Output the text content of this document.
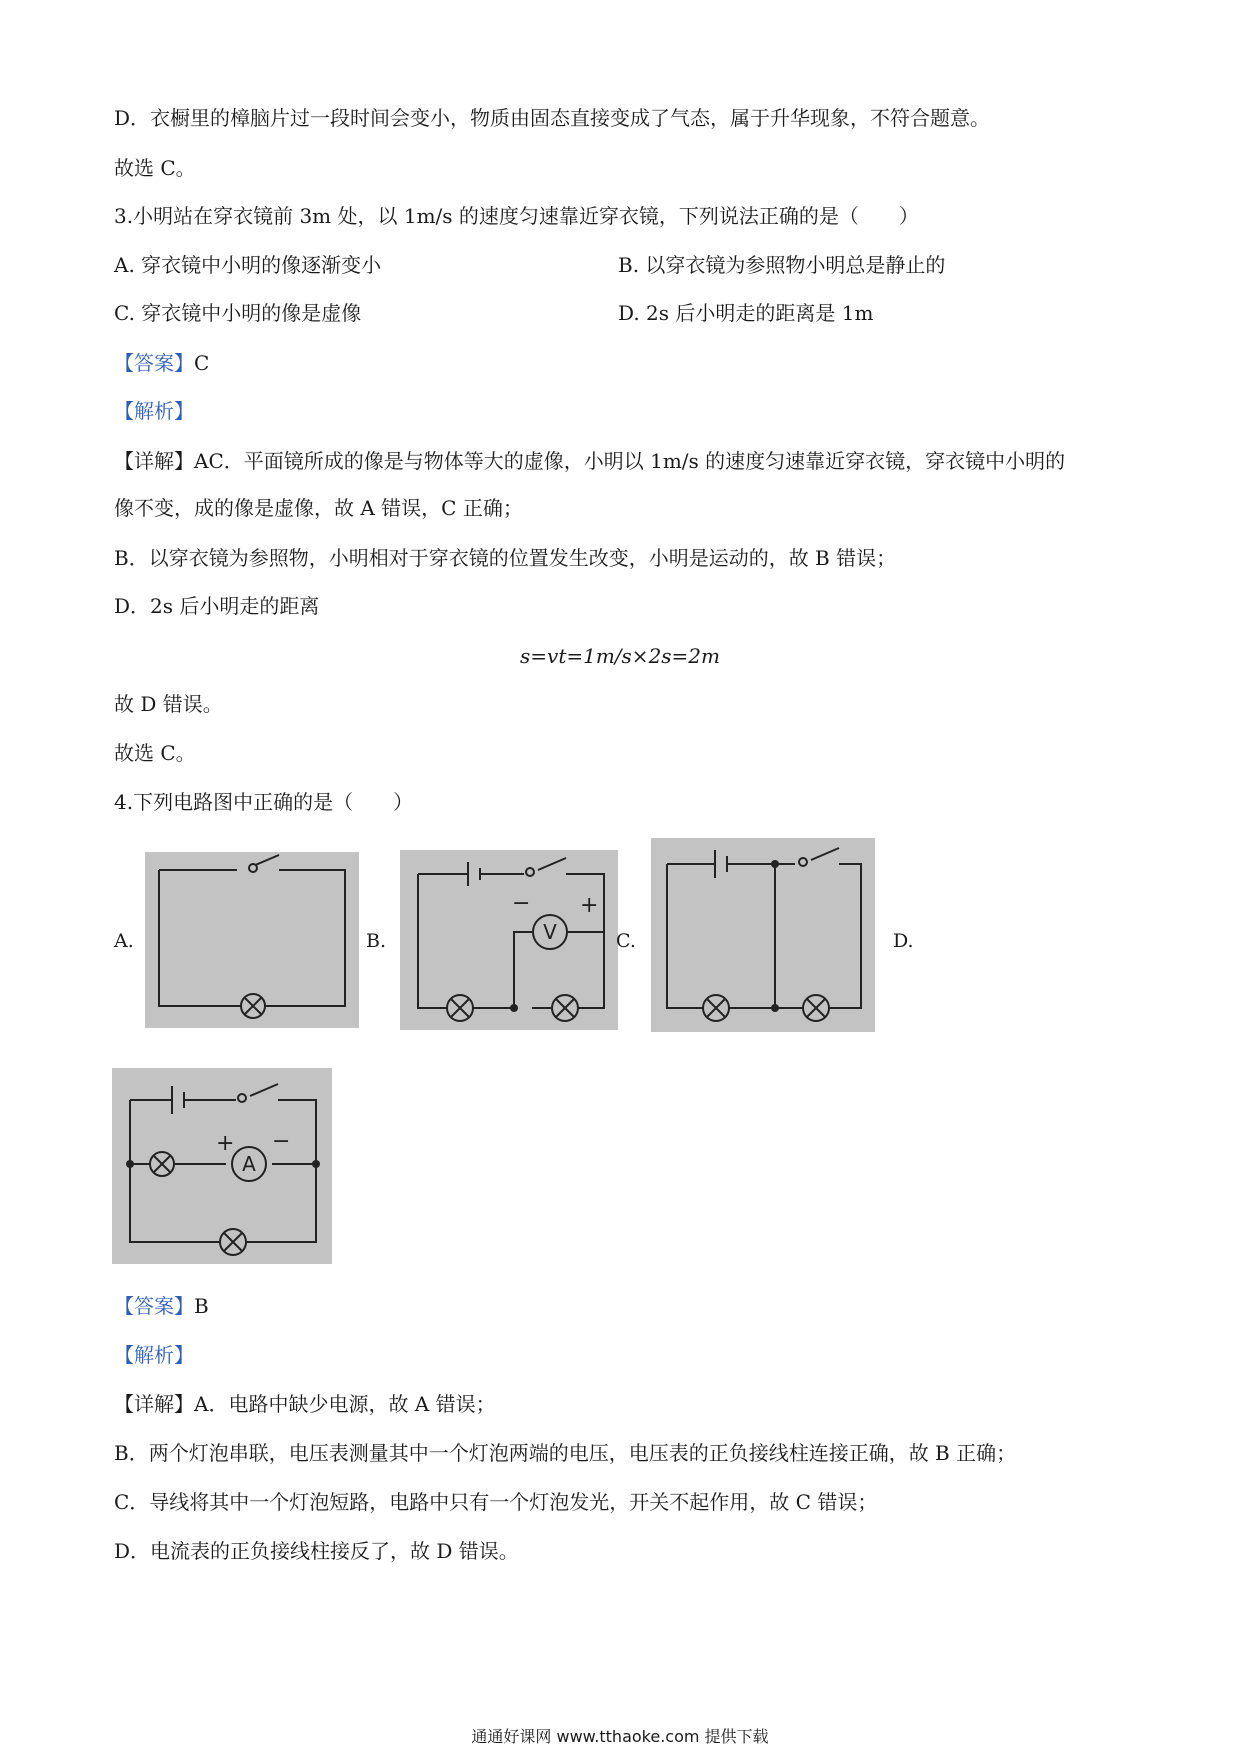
D．衣橱里的樟脑片过一段时间会变小，物质由固态直接变成了气态，属于升华现象，不符合题意。
故选 C。
3.小明站在穿衣镜前 3m 处，以 1m/s 的速度匀速靠近穿衣镜，下列说法正确的是（　　）
A. 穿衣镜中小明的像逐渐变小	B. 以穿衣镜为参照物小明总是静止的
C. 穿衣镜中小明的像是虚像	D. 2s 后小明走的距离是 1m
【答案】C
【解析】
【详解】AC．平面镜所成的像是与物体等大的虚像，小明以 1m/s 的速度匀速靠近穿衣镜，穿衣镜中小明的
像不变，成的像是虚像，故 A 错误，C 正确；
B．以穿衣镜为参照物，小明相对于穿衣镜的位置发生改变，小明是运动的，故 B 错误；
D．2s 后小明走的距离
s=vt=1m/s×2s=2m
故 D 错误。
故选 C。
4.下列电路图中正确的是（　　）
A.	V
− +
B.	C.	D.
A
+ −
【答案】B
【解析】
【详解】A．电路中缺少电源，故 A 错误；
B．两个灯泡串联，电压表测量其中一个灯泡两端的电压，电压表的正负接线柱连接正确，故 B 正确；
C．导线将其中一个灯泡短路，电路中只有一个灯泡发光，开关不起作用，故 C 错误；
D．电流表的正负接线柱接反了，故 D 错误。
通通好课网 www.tthaoke.com 提供下载
